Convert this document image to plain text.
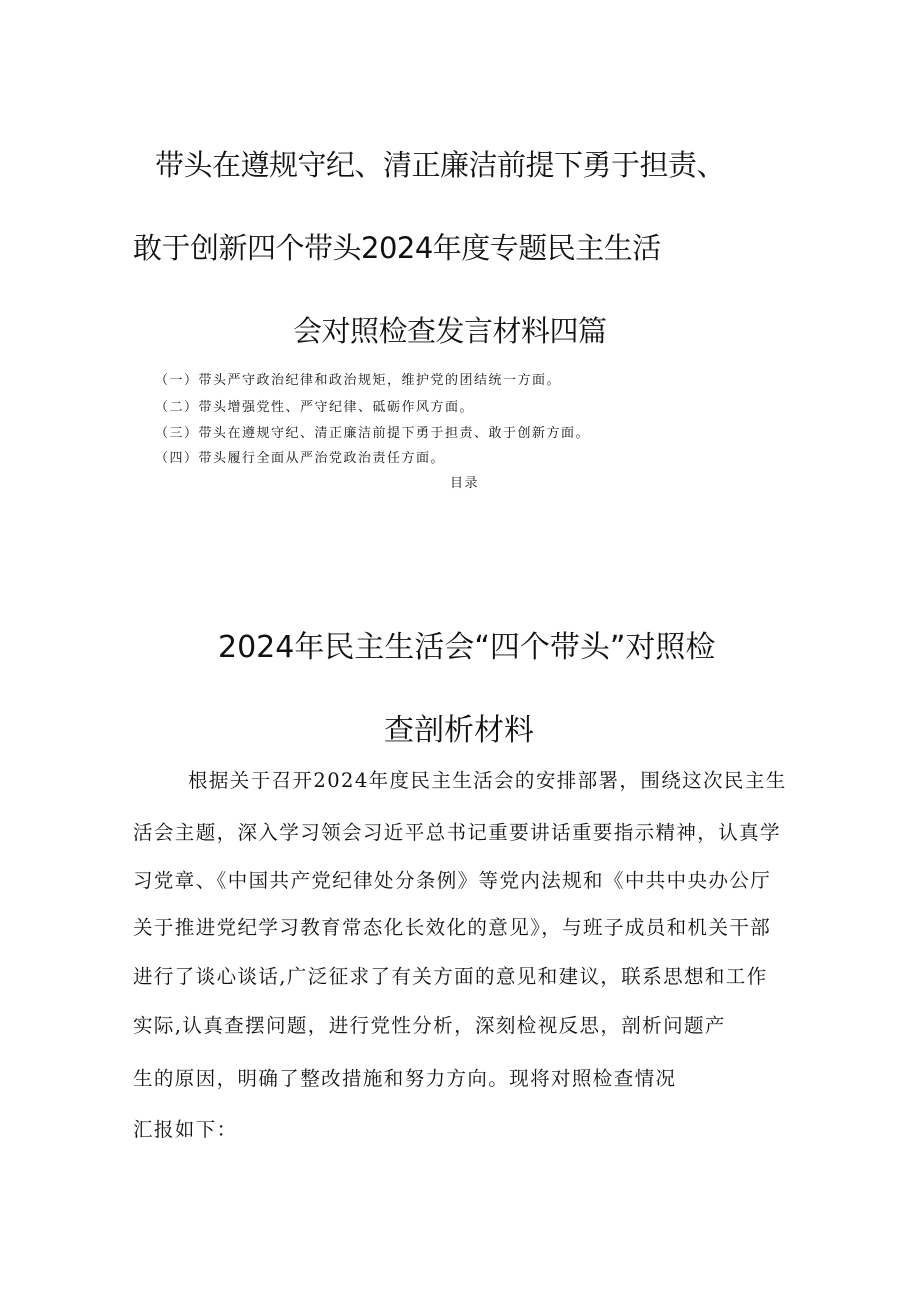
带头在遵规守纪、清正廉洁前提下勇于担责、
敢于创新四个带头2024年度专题民主生活
会对照检查发言材料四篇
（一）带头严守政治纪律和政治规矩，维护党的团结统一方面。
（二）带头增强党性、严守纪律、砥砺作风方面。
（三）带头在遵规守纪、清正廉洁前提下勇于担责、敢于创新方面。
（四）带头履行全面从严治党政治责任方面。
目录
2024年民主生活会“四个带头”对照检
查剖析材料
根据关于召开2024年度民主生活会的安排部署，围绕这次民主生
活会主题，深入学习领会习近平总书记重要讲话重要指示精神，认真学
习党章、《中国共产党纪律处分条例》等党内法规和《中共中央办公厅
关于推进党纪学习教育常态化长效化的意见》，与班子成员和机关干部
进行了谈心谈话,广泛征求了有关方面的意见和建议，联系思想和工作
实际,认真查摆问题，进行党性分析，深刻检视反思，剖析问题产
生的原因，明确了整改措施和努力方向。现将对照检查情况
汇报如下：
